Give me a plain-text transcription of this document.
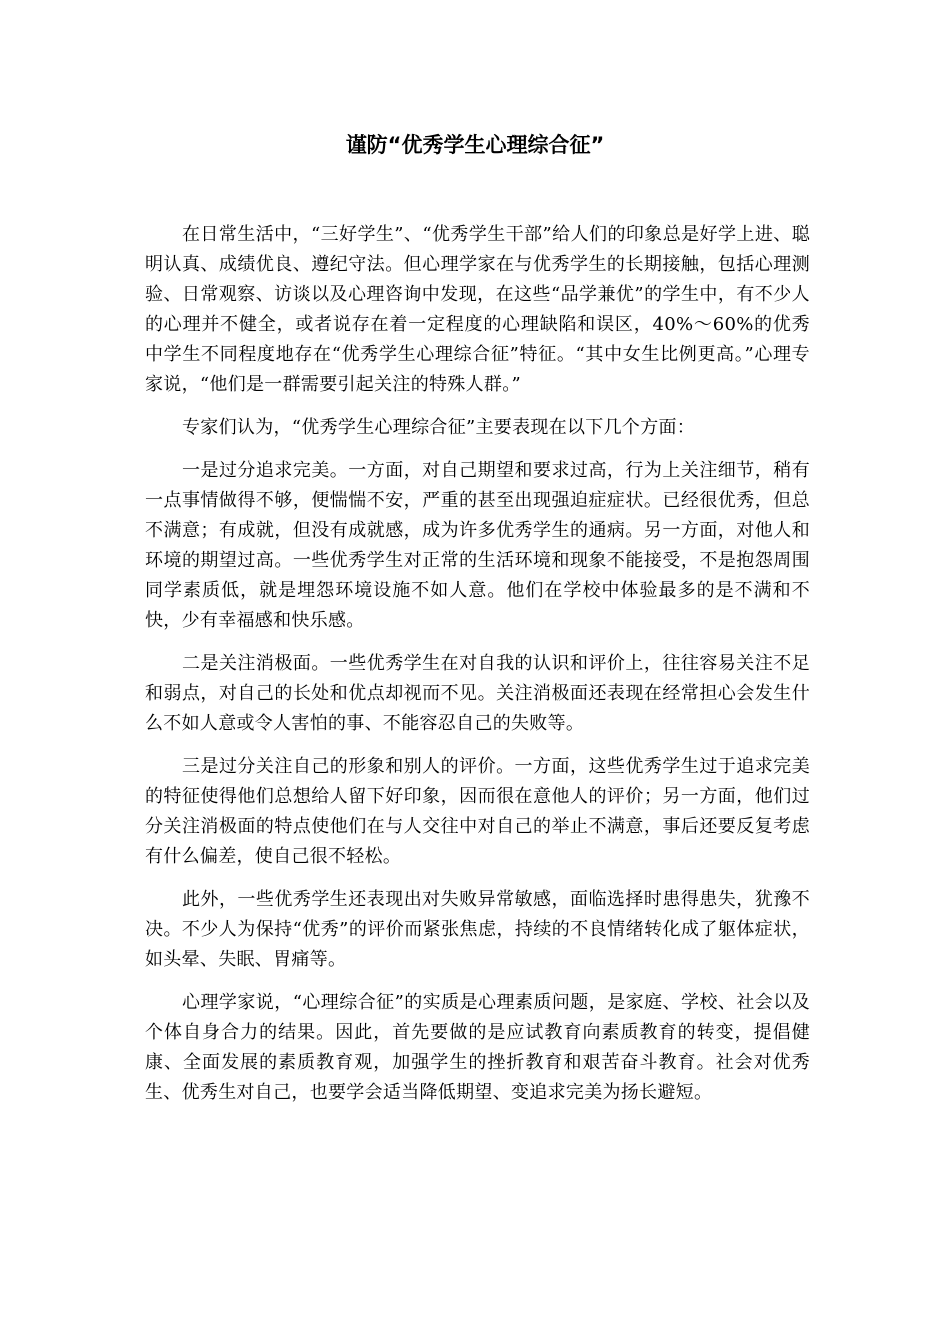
谨防“优秀学生心理综合征”

在日常生活中，“三好学生”、“优秀学生干部”给人们的印象总是好学上进、聪明认真、成绩优良、遵纪守法。但心理学家在与优秀学生的长期接触，包括心理测验、日常观察、访谈以及心理咨询中发现，在这些“品学兼优”的学生中，有不少人的心理并不健全，或者说存在着一定程度的心理缺陷和误区，40%～60%的优秀中学生不同程度地存在“优秀学生心理综合征”特征。“其中女生比例更高。”心理专家说，“他们是一群需要引起关注的特殊人群。”

专家们认为，“优秀学生心理综合征”主要表现在以下几个方面：

一是过分追求完美。一方面，对自己期望和要求过高，行为上关注细节，稍有一点事情做得不够，便惴惴不安，严重的甚至出现强迫症症状。已经很优秀，但总不满意；有成就，但没有成就感，成为许多优秀学生的通病。另一方面，对他人和环境的期望过高。一些优秀学生对正常的生活环境和现象不能接受，不是抱怨周围同学素质低，就是埋怨环境设施不如人意。他们在学校中体验最多的是不满和不快，少有幸福感和快乐感。

二是关注消极面。一些优秀学生在对自我的认识和评价上，往往容易关注不足和弱点，对自己的长处和优点却视而不见。关注消极面还表现在经常担心会发生什么不如人意或令人害怕的事、不能容忍自己的失败等。

三是过分关注自己的形象和别人的评价。一方面，这些优秀学生过于追求完美的特征使得他们总想给人留下好印象，因而很在意他人的评价；另一方面，他们过分关注消极面的特点使他们在与人交往中对自己的举止不满意，事后还要反复考虑有什么偏差，使自己很不轻松。

此外，一些优秀学生还表现出对失败异常敏感，面临选择时患得患失，犹豫不决。不少人为保持“优秀”的评价而紧张焦虑，持续的不良情绪转化成了躯体症状，如头晕、失眠、胃痛等。

心理学家说，“心理综合征”的实质是心理素质问题，是家庭、学校、社会以及个体自身合力的结果。因此，首先要做的是应试教育向素质教育的转变，提倡健康、全面发展的素质教育观，加强学生的挫折教育和艰苦奋斗教育。社会对优秀生、优秀生对自己，也要学会适当降低期望、变追求完美为扬长避短。
